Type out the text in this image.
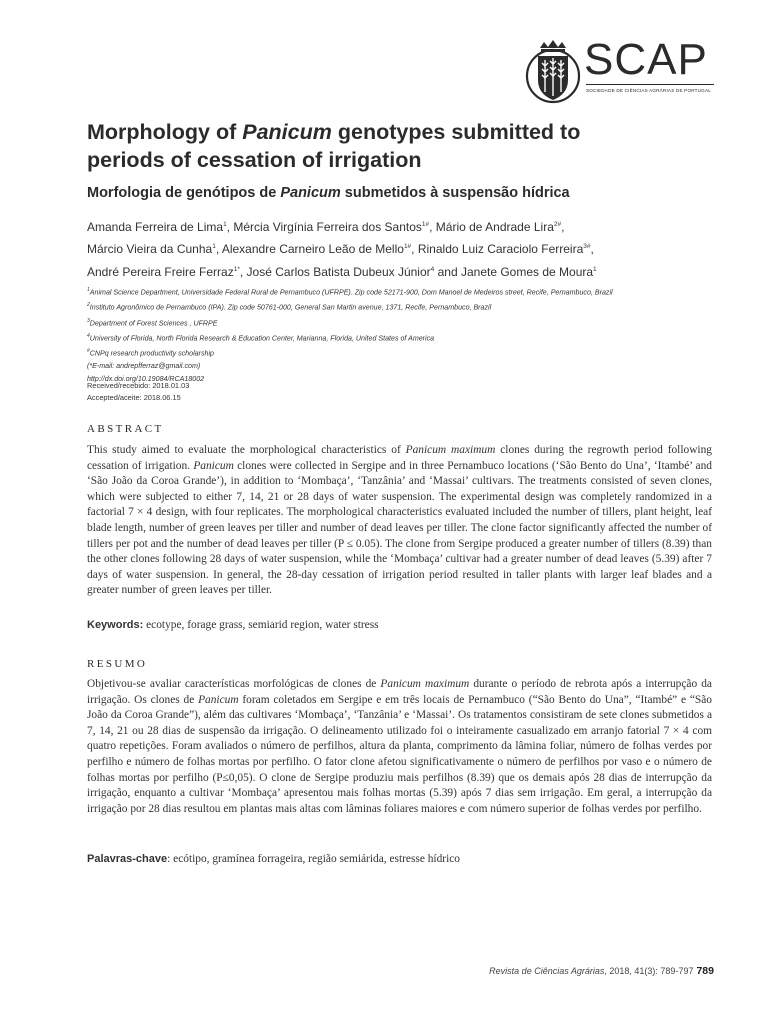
SCAP
SOCIEDADE DE CIÊNCIAS AGRÁRIAS DE PORTUGAL
Morphology of Panicum genotypes submitted to periods of cessation of irrigation
Morfologia de genótipos de Panicum submetidos à suspensão hídrica
Amanda Ferreira de Lima$^1$, Mércia Virgínia Ferreira dos Santos$^{1\#}$, Mário de Andrade Lira$^{2\#}$,
Márcio Vieira da Cunha$^1$, Alexandre Carneiro Leão de Mello$^{1\#}$, Rinaldo Luiz Caraciolo Ferreira$^{3\#}$,
André Pereira Freire Ferraz$^{1*}$, José Carlos Batista Dubeux Júnior$^4$ and Janete Gomes de Moura$^1$
$^1$Animal Science Department, Universidade Federal Rural de Pernambuco (UFRPE). Zip code 52171-900, Dom Manoel de Medeiros street, Recife, Pernambuco, Brazil
$^2$Instituto Agronômico de Pernambuco (IPA). Zip code 50761-000, General San Martin avenue, 1371, Recife, Pernambuco, Brazil
$^3$Department of Forest Sciences , UFRPE
$^4$University of Florida, North Florida Research & Education Center, Marianna, Florida, United States of America
#CNPq research productivity scholarship
(*E-mail: andrepfferraz@gmail.com)
http://dx.doi.org/10.19084/RCA18002
Received/recebido: 2018.01.03
Accepted/aceite: 2018.06.15
ABSTRACT

This study aimed to evaluate the morphological characteristics of Panicum maximum clones during the regrowth period following cessation of irrigation. Panicum clones were collected in Sergipe and in three Pernambuco locations (‘São Bento do Una’, ‘Itambé’ and ‘São João da Coroa Grande’), in addition to ‘Mombaça’, ‘Tanzânia’ and ‘Massai’ cultivars. The treatments consisted of seven clones, which were subjected to either 7, 14, 21 or 28 days of water suspension. The experimental design was completely randomized in a factorial 7 × 4 design, with four replicates. The morphological characteristics evaluated included the number of tillers, plant height, leaf blade length, number of green leaves per tiller and number of dead leaves per tiller. The clone factor significantly affected the number of tillers per pot and the number of dead leaves per tiller (P ≤ 0.05). The clone from Sergipe produced a greater number of tillers (8.39) than the other clones following 28 days of water suspension, while the ‘Mombaça’ cultivar had a greater number of dead leaves (5.39) after 7 days of water suspension. In general, the 28-day cessation of irrigation period resulted in taller plants with larger leaf blades and a greater number of green leaves per tiller.

Keywords: ecotype, forage grass, semiarid region, water stress
RESUMO

Objetivou-se avaliar características morfológicas de clones de Panicum maximum durante o período de rebrota após a interrupção da irrigação. Os clones de Panicum foram coletados em Sergipe e em três locais de Pernambuco (“São Bento do Una”, “Itambé” e “São João da Coroa Grande”), além das cultivares ‘Mombaça’, ‘Tanzânia’ e ‘Massai’. Os tratamentos consistiram de sete clones submetidos a 7, 14, 21 ou 28 dias de suspensão da irrigação. O delineamento utilizado foi o inteiramente casualizado em arranjo fatorial 7 × 4 com quatro repetições. Foram avaliados o número de perfilhos, altura da planta, comprimento da lâmina foliar, número de folhas verdes por perfilho e número de folhas mortas por perfilho. O fator clone afetou significativamente o número de perfilhos por vaso e o número de folhas mortas por perfilho (P≤0,05). O clone de Sergipe produziu mais perfilhos (8.39) que os demais após 28 dias de interrupção da irrigação, enquanto a cultivar ‘Mombaça’ apresentou mais folhas mortas (5.39) após 7 dias sem irrigação. Em geral, a interrupção da irrigação por 28 dias resultou em plantas mais altas com lâminas foliares maiores e com número superior de folhas verdes por perfilho.

Palavras-chave: ecótipo, gramínea forrageira, região semiárida, estresse hídrico
Revista de Ciências Agrárias, 2018, 41(3): 789-797 789
